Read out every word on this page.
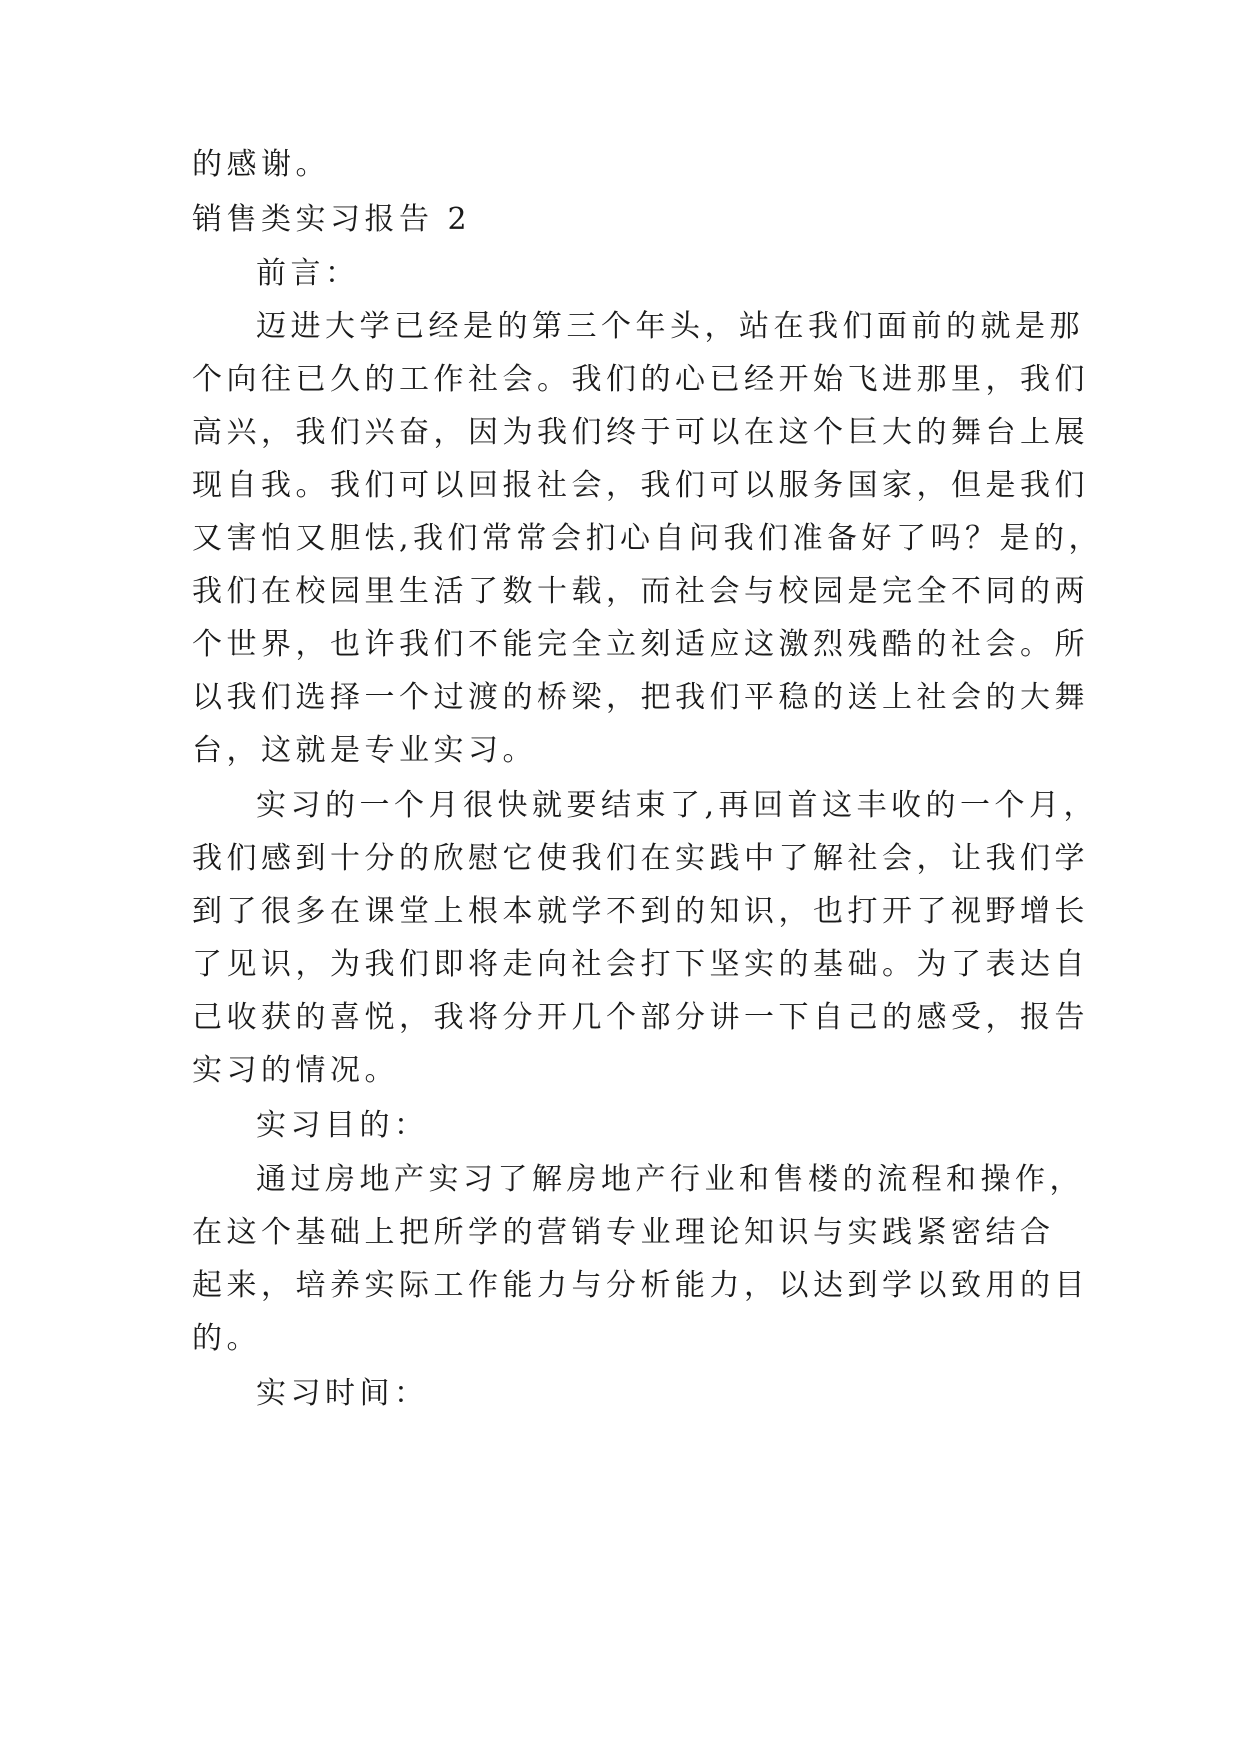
的感谢。
销售类实习报告 2
前言：
迈进大学已经是的第三个年头，站在我们面前的就是那
个向往已久的工作社会。我们的心已经开始飞进那里，我们
高兴，我们兴奋，因为我们终于可以在这个巨大的舞台上展
现自我。我们可以回报社会，我们可以服务国家，但是我们
又害怕又胆怯,我们常常会扪心自问我们准备好了吗？是的，
我们在校园里生活了数十载，而社会与校园是完全不同的两
个世界，也许我们不能完全立刻适应这激烈残酷的社会。所
以我们选择一个过渡的桥梁，把我们平稳的送上社会的大舞
台，这就是专业实习。
实习的一个月很快就要结束了,再回首这丰收的一个月，
我们感到十分的欣慰它使我们在实践中了解社会，让我们学
到了很多在课堂上根本就学不到的知识，也打开了视野增长
了见识，为我们即将走向社会打下坚实的基础。为了表达自
己收获的喜悦，我将分开几个部分讲一下自己的感受，报告
实习的情况。
实习目的：
通过房地产实习了解房地产行业和售楼的流程和操作，
在这个基础上把所学的营销专业理论知识与实践紧密结合
起来，培养实际工作能力与分析能力，以达到学以致用的目
的。
实习时间：
